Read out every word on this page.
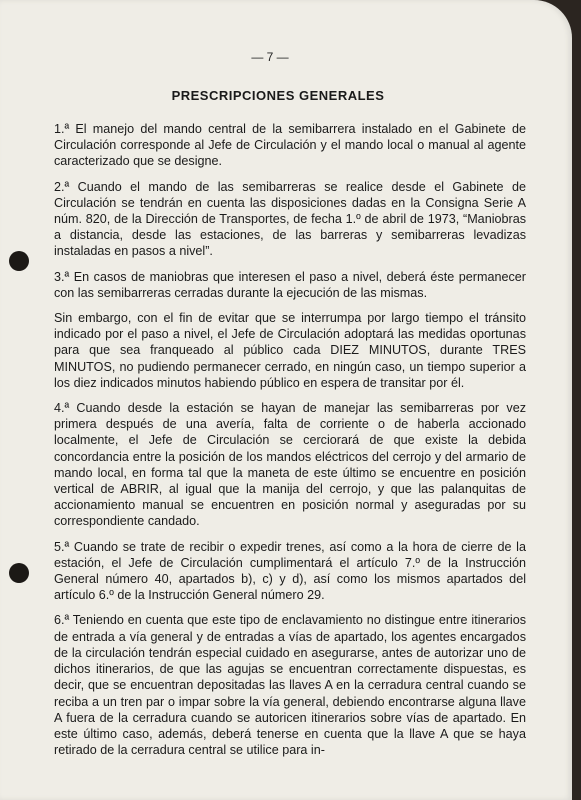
— 7 —
PRESCRIPCIONES GENERALES

1.ª El manejo del mando central de la semibarrera instalado en el Gabinete de Circulación corresponde al Jefe de Circulación y el mando local o manual al agente caracterizado que se designe.

2.ª Cuando el mando de las semibarreras se realice desde el Gabinete de Circulación se tendrán en cuenta las disposiciones dadas en la Consigna Serie A núm. 820, de la Dirección de Transportes, de fecha 1.º de abril de 1973, “Maniobras a distancia, desde las estaciones, de las barreras y semibarreras levadizas instaladas en pasos a nivel”.

3.ª En casos de maniobras que interesen el paso a nivel, deberá éste permanecer con las semibarreras cerradas durante la ejecución de las mismas.

Sin embargo, con el fin de evitar que se interrumpa por largo tiempo el tránsito indicado por el paso a nivel, el Jefe de Circulación adoptará las medidas oportunas para que sea franqueado al público cada DIEZ MINUTOS, durante TRES MINUTOS, no pudiendo permanecer cerrado, en ningún caso, un tiempo superior a los diez indicados minutos habiendo público en espera de transitar por él.

4.ª Cuando desde la estación se hayan de manejar las semibarreras por vez primera después de una avería, falta de corriente o de haberla accionado localmente, el Jefe de Circulación se cerciorará de que existe la debida concordancia entre la posición de los mandos eléctricos del cerrojo y del armario de mando local, en forma tal que la maneta de este último se encuentre en posición vertical de ABRIR, al igual que la manija del cerrojo, y que las palanquitas de accionamiento manual se encuentren en posición normal y aseguradas por su correspondiente candado.

5.ª Cuando se trate de recibir o expedir trenes, así como a la hora de cierre de la estación, el Jefe de Circulación cumplimentará el artículo 7.º de la Instrucción General número 40, apartados b), c) y d), así como los mismos apartados del artículo 6.º de la Instrucción General número 29.

6.ª Teniendo en cuenta que este tipo de enclavamiento no distingue entre itinerarios de entrada a vía general y de entradas a vías de apartado, los agentes encargados de la circulación tendrán especial cuidado en asegurarse, antes de autorizar uno de dichos itinerarios, de que las agujas se encuentran correctamente dispuestas, es decir, que se encuentran depositadas las llaves A en la cerradura central cuando se reciba a un tren par o impar sobre la vía general, debiendo encontrarse alguna llave A fuera de la cerradura cuando se autoricen itinerarios sobre vías de apartado. En este último caso, además, deberá tenerse en cuenta que la llave A que se haya retirado de la cerradura central se utilice para in-
